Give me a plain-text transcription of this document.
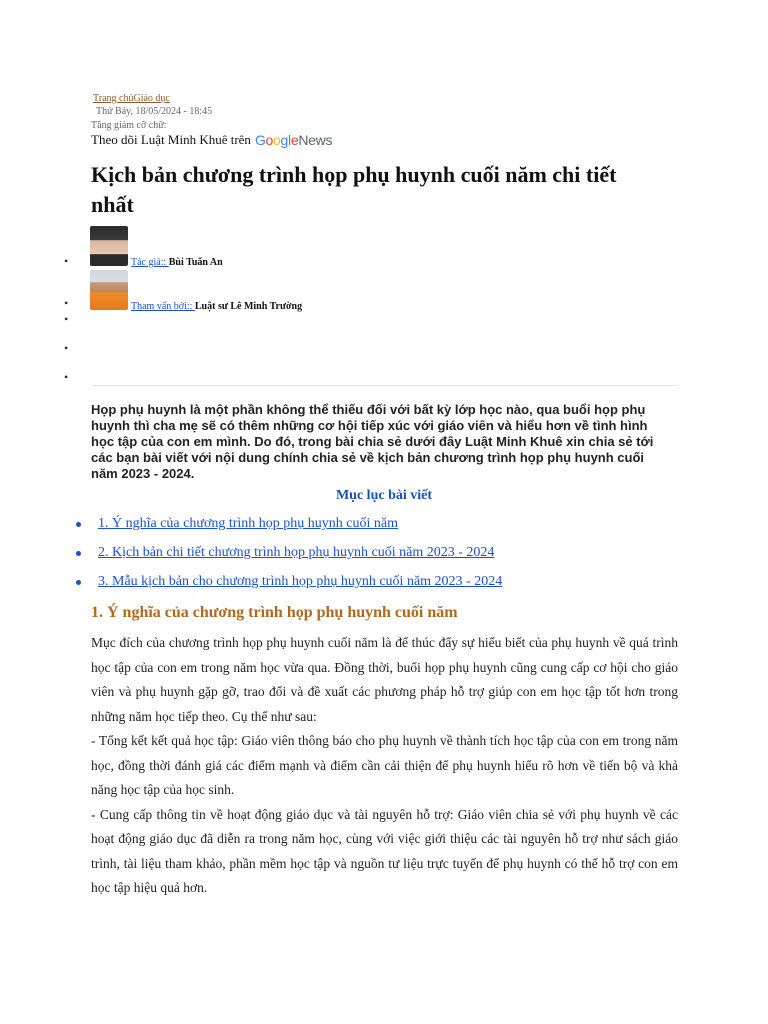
Trang chủGiáo dục
Thứ Bảy, 18/05/2024 - 18:45
Tăng giảm cỡ chữ:
Theo dõi Luật Minh Khuê trên GoogleNews
Kịch bản chương trình họp phụ huynh cuối năm chi tiết nhất
•
•
•
•
•
Tác giả:: Bùi Tuấn An
Tham vấn bởi:: Luật sư Lê Minh Trường

Họp phụ huynh là một phần không thể thiếu đối với bất kỳ lớp học nào, qua buổi họp phụ huynh thì cha mẹ sẽ có thêm những cơ hội tiếp xúc với giáo viên và hiểu hơn về tình hình học tập của con em mình. Do đó, trong bài chia sẻ dưới đây Luật Minh Khuê xin chia sẻ tới các bạn bài viết với nội dung chính chia sẻ về kịch bản chương trình họp phụ huynh cuối năm 2023 - 2024.

Mục lục bài viết
1. Ý nghĩa của chương trình họp phụ huynh cuối năm
2. Kịch bản chi tiết chương trình họp phụ huynh cuối năm 2023 - 2024
3. Mẫu kịch bản cho chương trình họp phụ huynh cuối năm 2023 - 2024
1. Ý nghĩa của chương trình họp phụ huynh cuối năm

Mục đích của chương trình họp phụ huynh cuối năm là để thúc đẩy sự hiểu biết của phụ huynh về quá trình học tập của con em trong năm học vừa qua. Đồng thời, buổi họp phụ huynh cũng cung cấp cơ hội cho giáo viên và phụ huynh gặp gỡ, trao đổi và đề xuất các phương pháp hỗ trợ giúp con em học tập tốt hơn trong những năm học tiếp theo. Cụ thể như sau:

- Tổng kết kết quả học tập: Giáo viên thông báo cho phụ huynh về thành tích học tập của con em trong năm học, đồng thời đánh giá các điểm mạnh và điểm cần cải thiện để phụ huynh hiểu rõ hơn về tiến bộ và khả năng học tập của học sinh.

- Cung cấp thông tin về hoạt động giáo dục và tài nguyên hỗ trợ: Giáo viên chia sẻ với phụ huynh về các hoạt động giáo dục đã diễn ra trong năm học, cùng với việc giới thiệu các tài nguyên hỗ trợ như sách giáo trình, tài liệu tham khảo, phần mềm học tập và nguồn tư liệu trực tuyến để phụ huynh có thể hỗ trợ con em học tập hiệu quả hơn.
